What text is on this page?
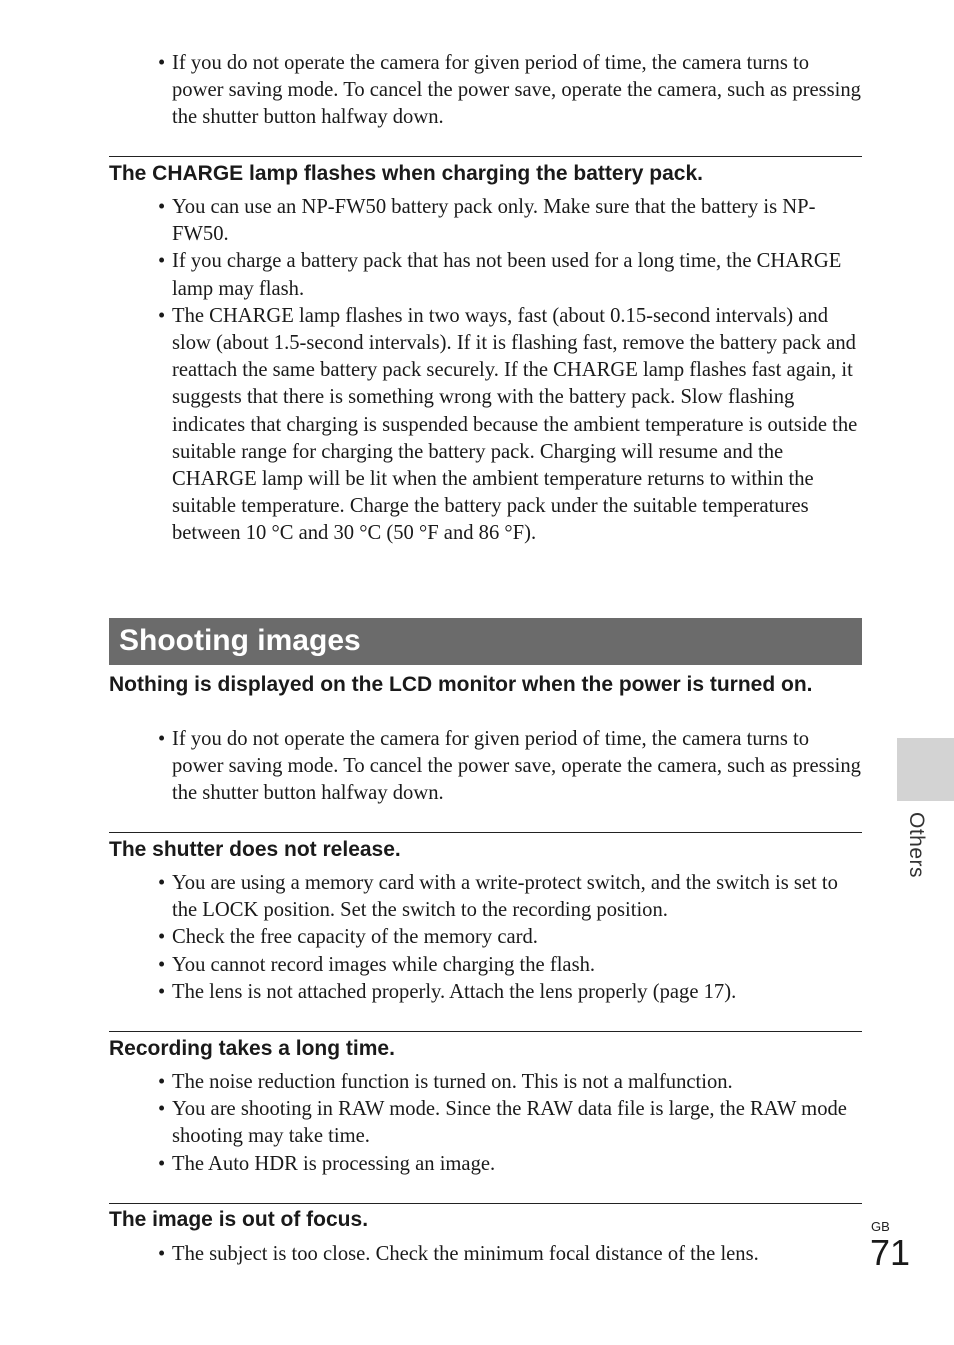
• If you do not operate the camera for given period of time, the camera turns to power saving mode. To cancel the power save, operate the camera, such as pressing the shutter button halfway down.
The CHARGE lamp flashes when charging the battery pack.
• You can use an NP-FW50 battery pack only. Make sure that the battery is NP-FW50.
• If you charge a battery pack that has not been used for a long time, the CHARGE lamp may flash.
• The CHARGE lamp flashes in two ways, fast (about 0.15-second intervals) and slow (about 1.5-second intervals). If it is flashing fast, remove the battery pack and reattach the same battery pack securely. If the CHARGE lamp flashes fast again, it suggests that there is something wrong with the battery pack. Slow flashing indicates that charging is suspended because the ambient temperature is outside the suitable range for charging the battery pack. Charging will resume and the CHARGE lamp will be lit when the ambient temperature returns to within the suitable temperature. Charge the battery pack under the suitable temperatures between 10 °C and 30 °C (50 °F and 86 °F).
Shooting images
Nothing is displayed on the LCD monitor when the power is turned on.
• If you do not operate the camera for given period of time, the camera turns to power saving mode. To cancel the power save, operate the camera, such as pressing the shutter button halfway down.
The shutter does not release.
• You are using a memory card with a write-protect switch, and the switch is set to the LOCK position. Set the switch to the recording position.
• Check the free capacity of the memory card.
• You cannot record images while charging the flash.
• The lens is not attached properly. Attach the lens properly (page 17).
Recording takes a long time.
• The noise reduction function is turned on. This is not a malfunction.
• You are shooting in RAW mode. Since the RAW data file is large, the RAW mode shooting may take time.
• The Auto HDR is processing an image.
The image is out of focus.
• The subject is too close. Check the minimum focal distance of the lens.
Others
GB
71
